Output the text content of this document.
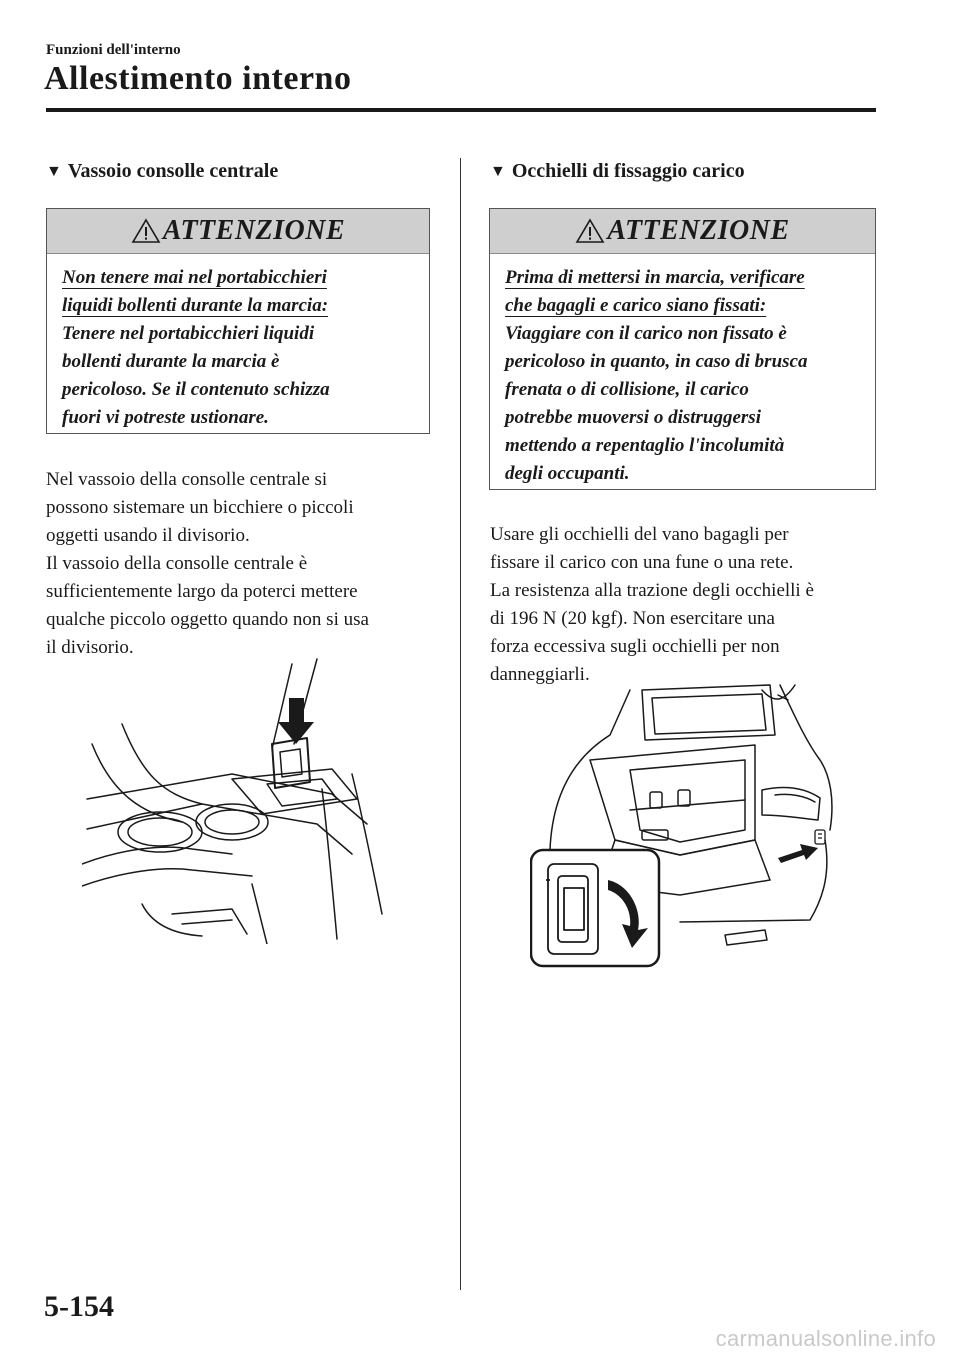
Funzioni dell'interno
Allestimento interno
▼ Vassoio consolle centrale
ATTENZIONE
Non tenere mai nel portabicchieri
liquidi bollenti durante la marcia:
Tenere nel portabicchieri liquidi
bollenti durante la marcia è
pericoloso. Se il contenuto schizza
fuori vi potreste ustionare.
Nel vassoio della consolle centrale si
possono sistemare un bicchiere o piccoli
oggetti usando il divisorio.
Il vassoio della consolle centrale è
sufficientemente largo da poterci mettere
qualche piccolo oggetto quando non si usa
il divisorio.
▼ Occhielli di fissaggio carico
ATTENZIONE
Prima di mettersi in marcia, verificare
che bagagli e carico siano fissati:
Viaggiare con il carico non fissato è
pericoloso in quanto, in caso di brusca
frenata o di collisione, il carico
potrebbe muoversi o distruggersi
mettendo a repentaglio l'incolumità
degli occupanti.
Usare gli occhielli del vano bagagli per
fissare il carico con una fune o una rete.
La resistenza alla trazione degli occhielli è
di 196 N (20 kgf). Non esercitare una
forza eccessiva sugli occhielli per non
danneggiarli.
5-154
carmanualsonline.info
